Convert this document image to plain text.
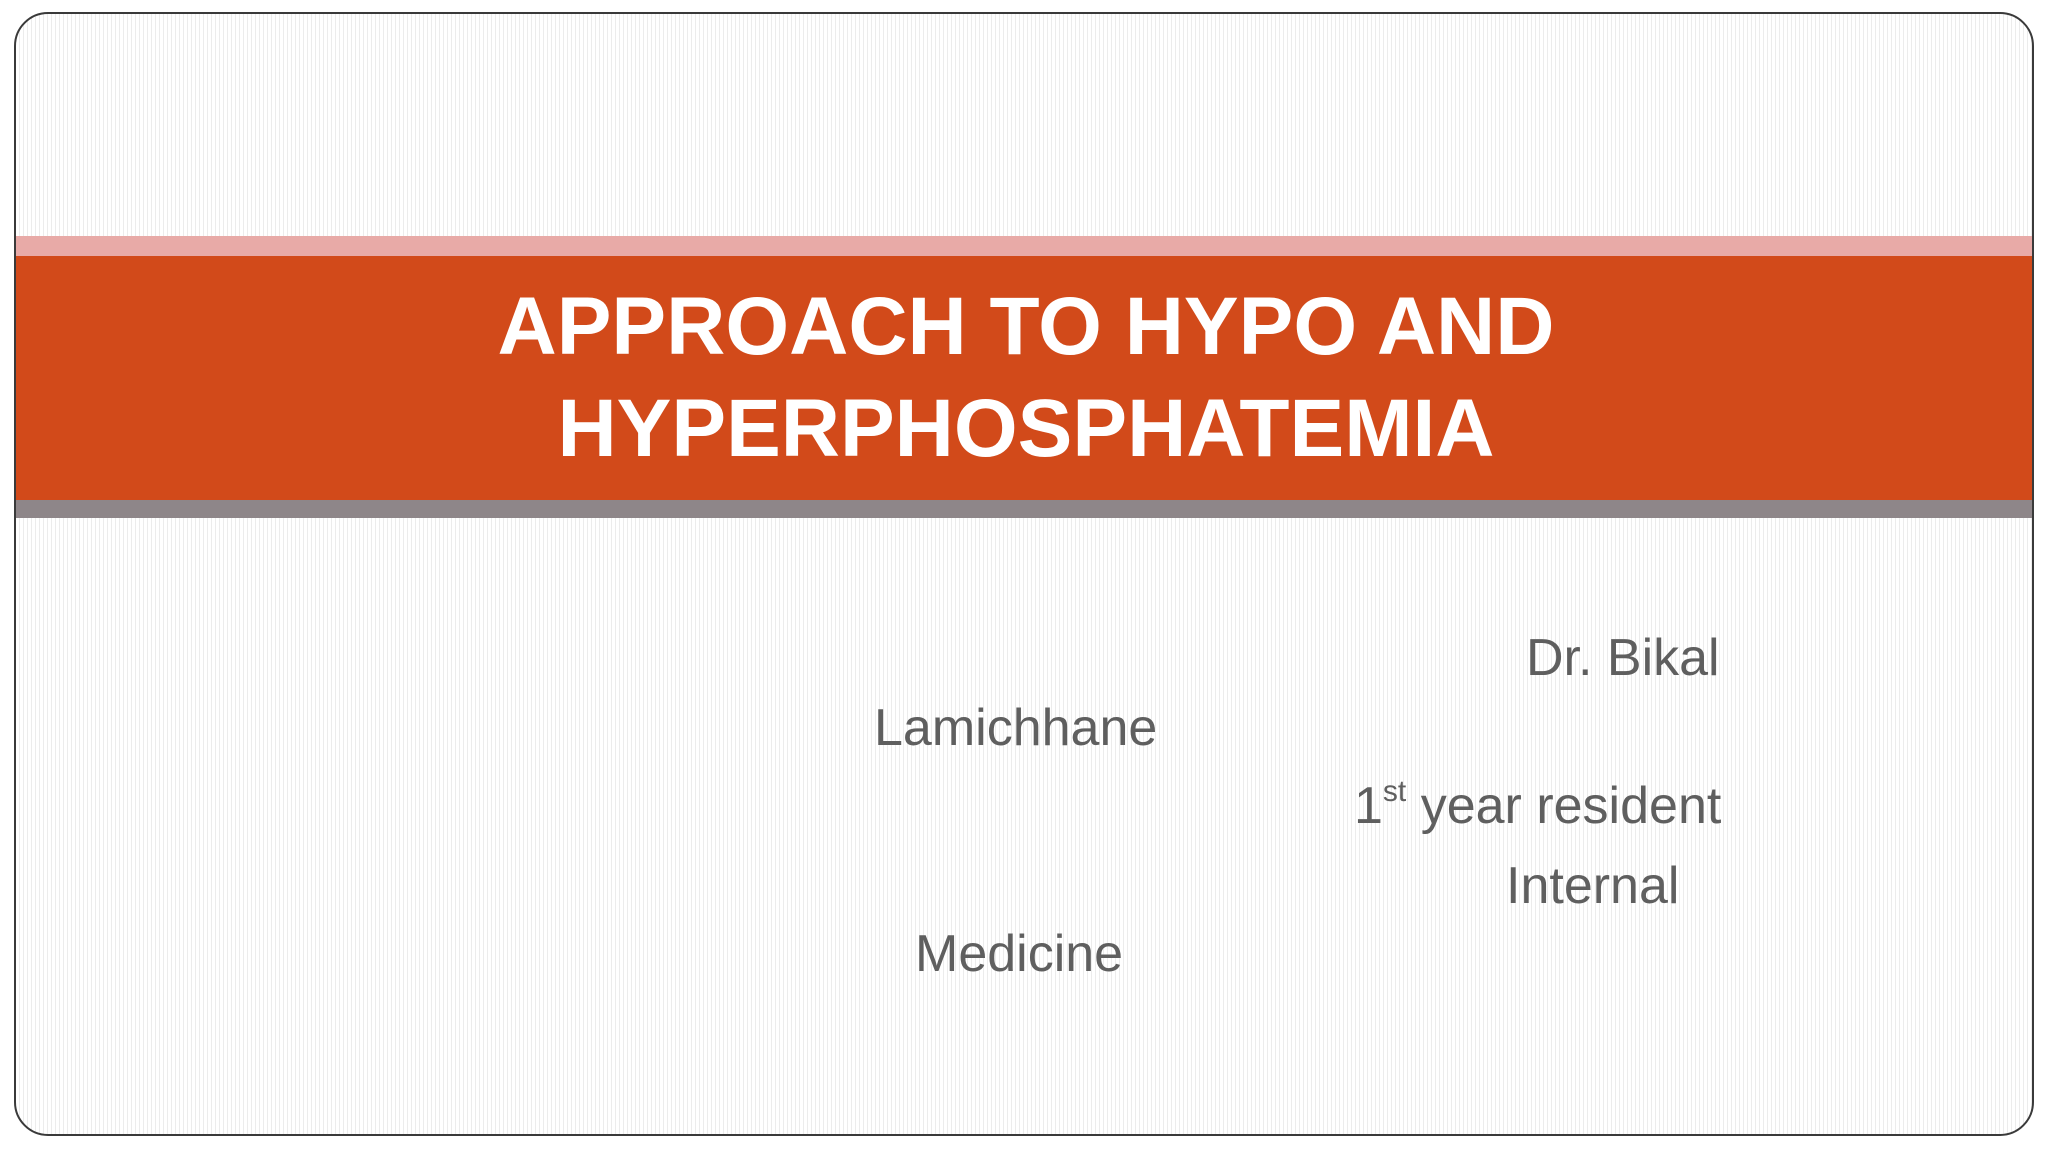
APPROACH TO HYPO AND
HYPERPHOSPHATEMIA
Dr. Bikal
Lamichhane
1st year resident
Internal
Medicine
